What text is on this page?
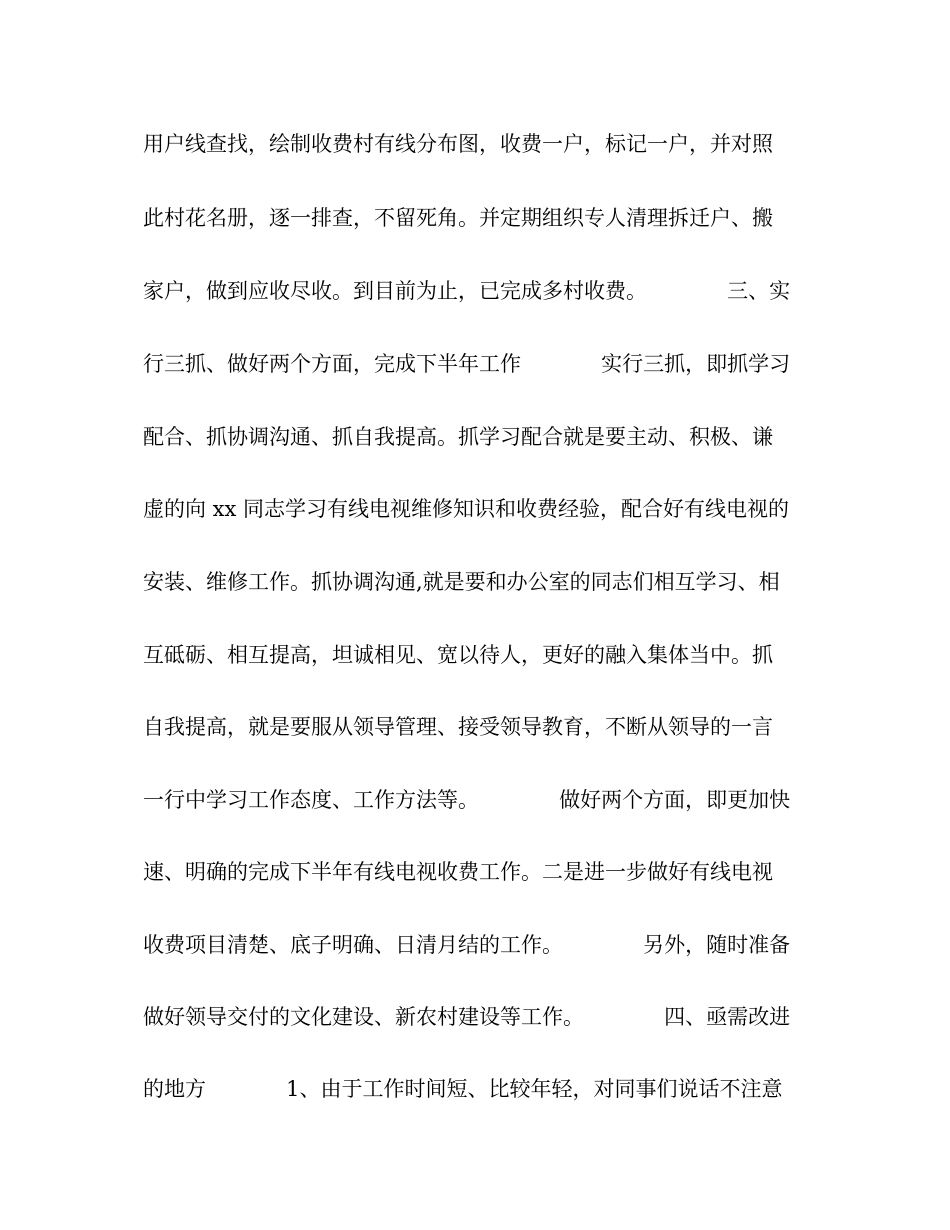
用户线查找，绘制收费村有线分布图，收费一户，标记一户，并对照
此村花名册，逐一排查，不留死角。并定期组织专人清理拆迁户、搬
家户，做到应收尽收。到目前为止，已完成多村收费。            三、实
行三抓、做好两个方面，完成下半年工作            实行三抓，即抓学习
配合、抓协调沟通、抓自我提高。抓学习配合就是要主动、积极、谦
虚的向 xx 同志学习有线电视维修知识和收费经验，配合好有线电视的
安装、维修工作。抓协调沟通,就是要和办公室的同志们相互学习、相
互砥砺、相互提高，坦诚相见、宽以待人，更好的融入集体当中。抓
自我提高，就是要服从领导管理、接受领导教育，不断从领导的一言
一行中学习工作态度、工作方法等。            做好两个方面，即更加快
速、明确的完成下半年有线电视收费工作。二是进一步做好有线电视
收费项目清楚、底子明确、日清月结的工作。            另外，随时准备
做好领导交付的文化建设、新农村建设等工作。            四、亟需改进
的地方            1、由于工作时间短、比较年轻，对同事们说话不注意
